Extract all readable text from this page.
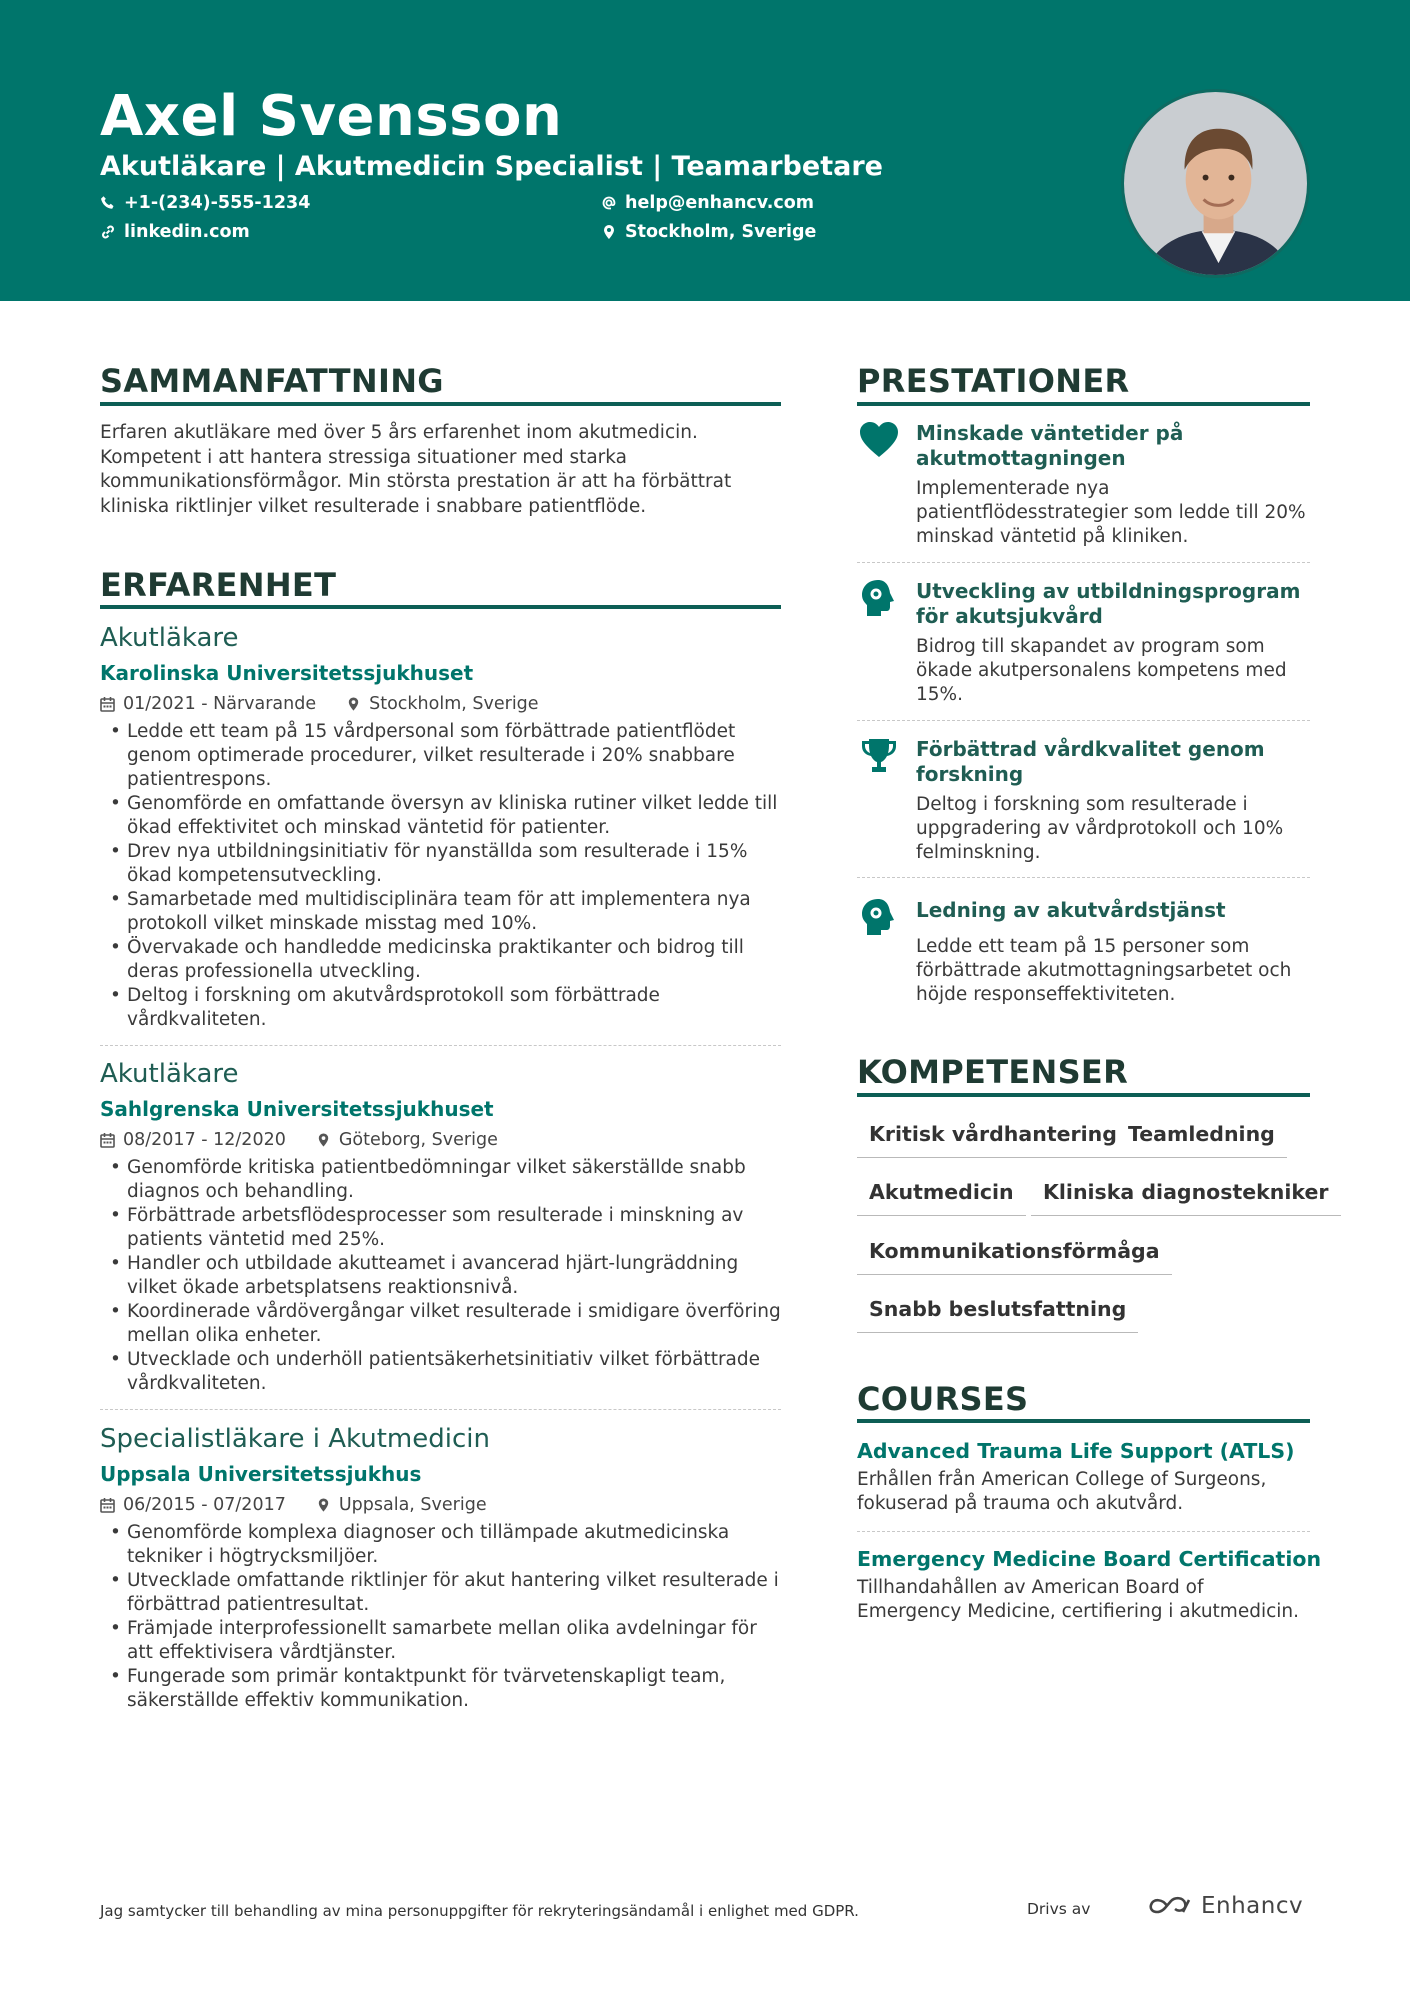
Axel Svensson
Akutläkare | Akutmedicin Specialist | Teamarbetare
+1-(234)-555-1234
linkedin.com
help@enhancv.com
Stockholm, Sverige
SAMMANFATTNING
Erfaren akutläkare med över 5 års erfarenhet inom akutmedicin. Kompetent i att hantera stressiga situationer med starka kommunikationsförmågor. Min största prestation är att ha förbättrat kliniska riktlinjer vilket resulterade i snabbare patientflöde.
ERFARENHET
Akutläkare
Karolinska Universitetssjukhuset
01/2021 - Närvarande	Stockholm, Sverige
• Ledde ett team på 15 vårdpersonal som förbättrade patientflödet genom optimerade procedurer, vilket resulterade i 20% snabbare patientrespons.
• Genomförde en omfattande översyn av kliniska rutiner vilket ledde till ökad effektivitet och minskad väntetid för patienter.
• Drev nya utbildningsinitiativ för nyanställda som resulterade i 15% ökad kompetensutveckling.
• Samarbetade med multidisciplinära team för att implementera nya protokoll vilket minskade misstag med 10%.
• Övervakade och handledde medicinska praktikanter och bidrog till deras professionella utveckling.
• Deltog i forskning om akutvårdsprotokoll som förbättrade vårdkvaliteten.
Akutläkare
Sahlgrenska Universitetssjukhuset
08/2017 - 12/2020	Göteborg, Sverige
• Genomförde kritiska patientbedömningar vilket säkerställde snabb diagnos och behandling.
• Förbättrade arbetsflödesprocesser som resulterade i minskning av patients väntetid med 25%.
• Handler och utbildade akutteamet i avancerad hjärt-lungräddning vilket ökade arbetsplatsens reaktionsnivå.
• Koordinerade vårdövergångar vilket resulterade i smidigare överföring mellan olika enheter.
• Utvecklade och underhöll patientsäkerhetsinitiativ vilket förbättrade vårdkvaliteten.
Specialistläkare i Akutmedicin
Uppsala Universitetssjukhus
06/2015 - 07/2017	Uppsala, Sverige
• Genomförde komplexa diagnoser och tillämpade akutmedicinska tekniker i högtrycksmiljöer.
• Utvecklade omfattande riktlinjer för akut hantering vilket resulterade i förbättrad patientresultat.
• Främjade interprofessionellt samarbete mellan olika avdelningar för att effektivisera vårdtjänster.
• Fungerade som primär kontaktpunkt för tvärvetenskapligt team, säkerställde effektiv kommunikation.
PRESTATIONER
Minskade väntetider på akutmottagningen
Implementerade nya patientflödesstrategier som ledde till 20% minskad väntetid på kliniken.
Utveckling av utbildningsprogram för akutsjukvård
Bidrog till skapandet av program som ökade akutpersonalens kompetens med 15%.
Förbättrad vårdkvalitet genom forskning
Deltog i forskning som resulterade i uppgradering av vårdprotokoll och 10% felminskning.
Ledning av akutvårdstjänst
Ledde ett team på 15 personer som förbättrade akutmottagningsarbetet och höjde responseffektiviteten.
KOMPETENSER
Kritisk vårdhantering Teamledning
Akutmedicin	Kliniska diagnostekniker
Kommunikationsförmåga
Snabb beslutsfattning
COURSES
Advanced Trauma Life Support (ATLS)
Erhållen från American College of Surgeons, fokuserad på trauma och akutvård.
Emergency Medicine Board Certification
Tillhandahållen av American Board of Emergency Medicine, certifiering i akutmedicin.
Jag samtycker till behandling av mina personuppgifter för rekryteringsändamål i enlighet med GDPR.	Drivs av	Enhancv
